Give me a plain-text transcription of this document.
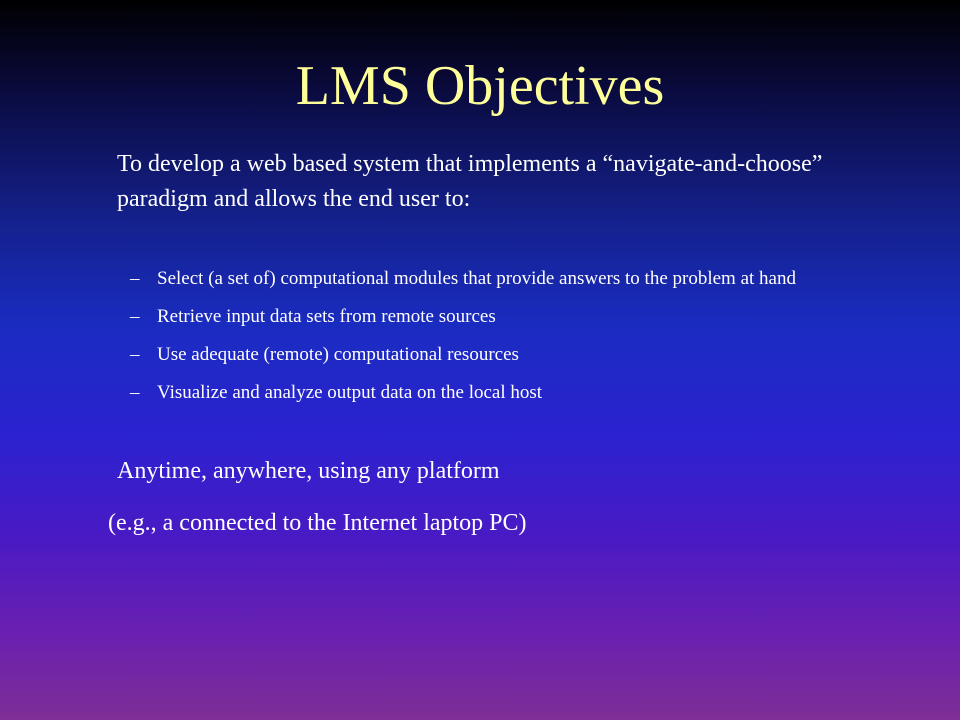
LMS Objectives

To develop a web based system that implements a “navigate-and-choose” paradigm and allows the end user to:

– Select (a set of) computational modules that provide answers to the problem at hand
– Retrieve input data sets from remote sources
– Use adequate (remote) computational resources
– Visualize and analyze output data on the local host

Anytime, anywhere, using any platform

(e.g., a connected to the Internet laptop PC)
